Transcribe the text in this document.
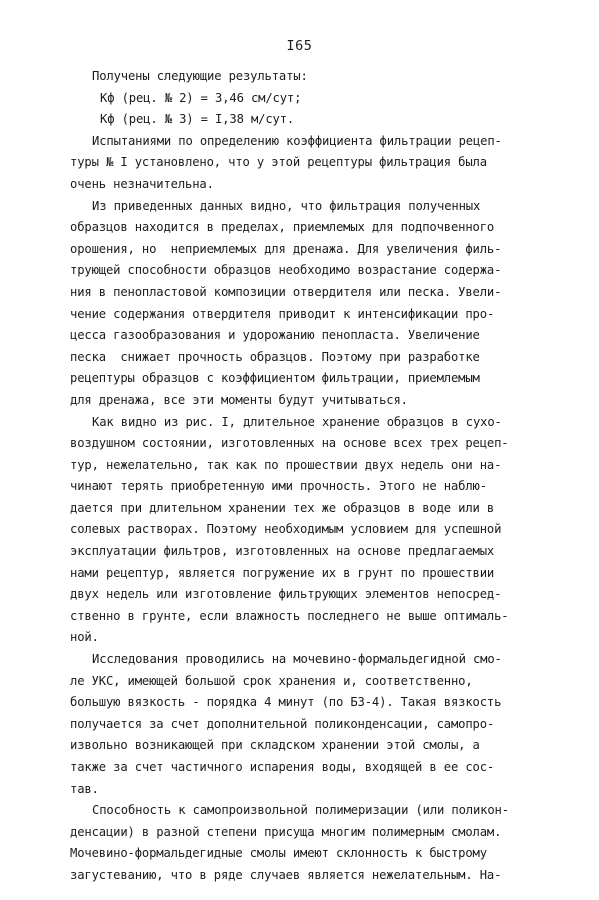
I65
Получены следующие результаты:
Kф (рец. № 2) = 3,46 см/сут;
Kф (рец. № 3) = I,38 м/сут.
Испытаниями по определению коэффициента фильтрации рецеп-
туры № I установлено, что у этой рецептуры фильтрация была
очень незначительна.
Из приведенных данных видно, что фильтрация полученных
образцов находится в пределах, приемлемых для подпочвенного
орошения, но  неприемлемых для дренажа. Для увеличения филь-
трующей способности образцов необходимо возрастание содержа-
ния в пенопластовой композиции отвердителя или песка. Увели-
чение содержания отвердителя приводит к интенсификации про-
цесса газообразования и удорожанию пенопласта. Увеличение
песка  снижает прочность образцов. Поэтому при разработке
рецептуры образцов с коэффициентом фильтрации, приемлемым
для дренажа, все эти моменты будут учитываться.
Как видно из рис. I, длительное хранение образцов в сухо-
воздушном состоянии, изготовленных на основе всех трех рецеп-
тур, нежелательно, так как по прошествии двух недель они на-
чинают терять приобретенную ими прочность. Этого не наблю-
дается при длительном хранении тех же образцов в воде или в
солевых растворах. Поэтому необходимым условием для успешной
эксплуатации фильтров, изготовленных на основе предлагаемых
нами рецептур, является погружение их в грунт по прошествии
двух недель или изготовление фильтрующих элементов непосред-
ственно в грунте, если влажность последнего не выше оптималь-
ной.
Исследования проводились на мочевино-формальдегидной смо-
ле УКС, имеющей большой срок хранения и, соответственно,
большую вязкость - порядка 4 минут (по БЗ-4). Такая вязкость
получается за счет дополнительной поликонденсации, самопро-
извольно возникающей при складском хранении этой смолы, а
также за счет частичного испарения воды, входящей в ее сос-
тав.
Способность к самопроизвольной полимеризации (или поликон-
денсации) в разной степени присуща многим полимерным смолам.
Мочевино-формальдегидные смолы имеют склонность к быстрому
загустеванию, что в ряде случаев является нежелательным. На-
